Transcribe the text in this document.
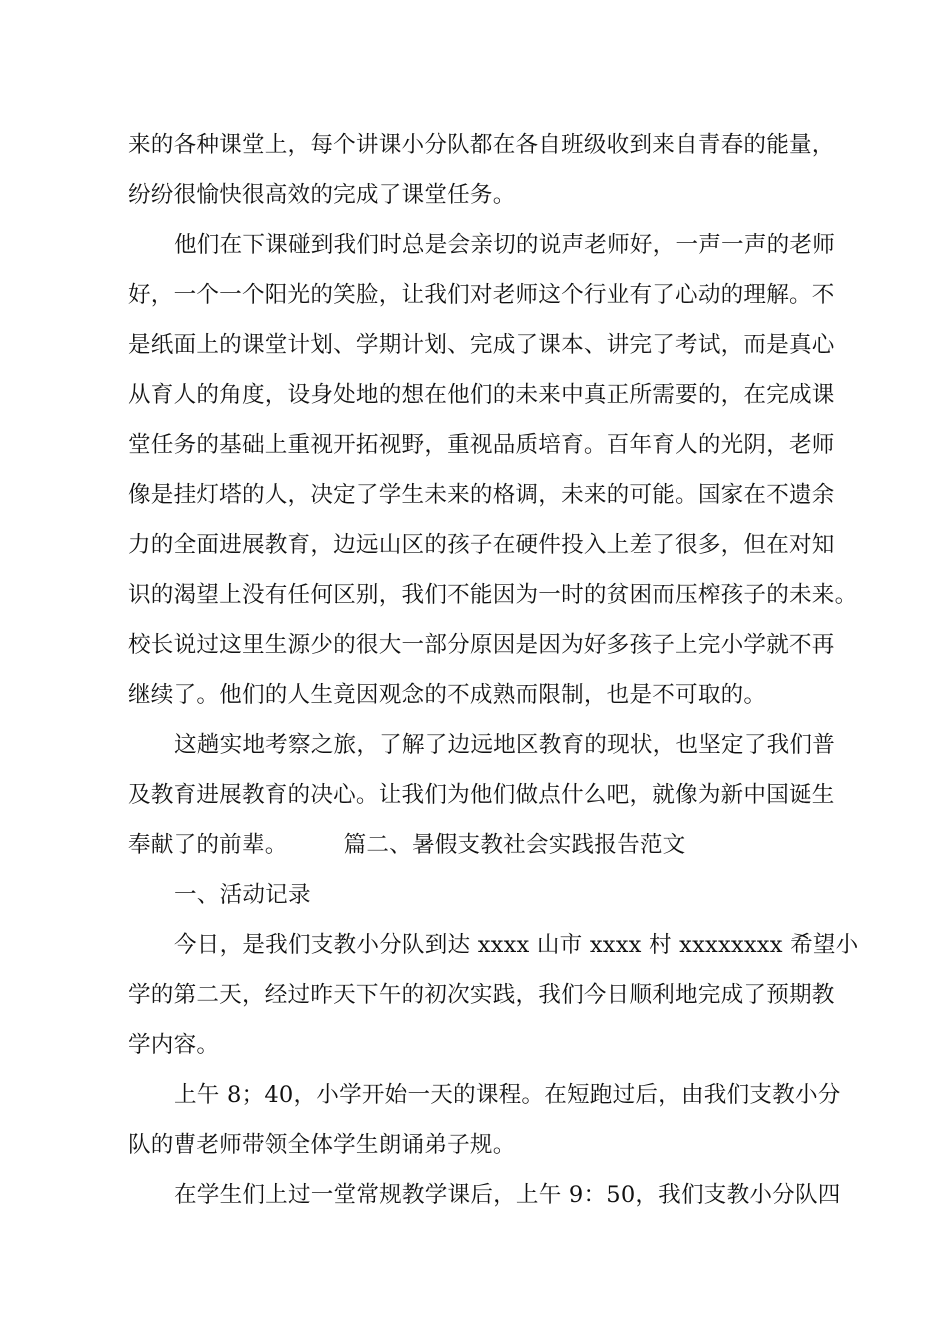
来的各种课堂上，每个讲课小分队都在各自班级收到来自青春的能量，
纷纷很愉快很高效的完成了课堂任务。
他们在下课碰到我们时总是会亲切的说声老师好，一声一声的老师
好，一个一个阳光的笑脸，让我们对老师这个行业有了心动的理解。不
是纸面上的课堂计划、学期计划、完成了课本、讲完了考试，而是真心
从育人的角度，设身处地的想在他们的未来中真正所需要的，在完成课
堂任务的基础上重视开拓视野，重视品质培育。百年育人的光阴，老师
像是挂灯塔的人，决定了学生未来的格调，未来的可能。国家在不遗余
力的全面进展教育，边远山区的孩子在硬件投入上差了很多，但在对知
识的渴望上没有任何区别，我们不能因为一时的贫困而压榨孩子的未来。
校长说过这里生源少的很大一部分原因是因为好多孩子上完小学就不再
继续了。他们的人生竟因观念的不成熟而限制，也是不可取的。
这趟实地考察之旅，了解了边远地区教育的现状，也坚定了我们普
及教育进展教育的决心。让我们为他们做点什么吧，就像为新中国诞生
奉献了的前辈。 篇二、暑假支教社会实践报告范文
一、活动记录
今日，是我们支教小分队到达 xxxx 山市 xxxx 村 xxxxxxxx 希望小
学的第二天，经过昨天下午的初次实践，我们今日顺利地完成了预期教
学内容。
上午 8；40，小学开始一天的课程。在短跑过后，由我们支教小分
队的曹老师带领全体学生朗诵弟子规。
在学生们上过一堂常规教学课后，上午 9：50，我们支教小分队四
